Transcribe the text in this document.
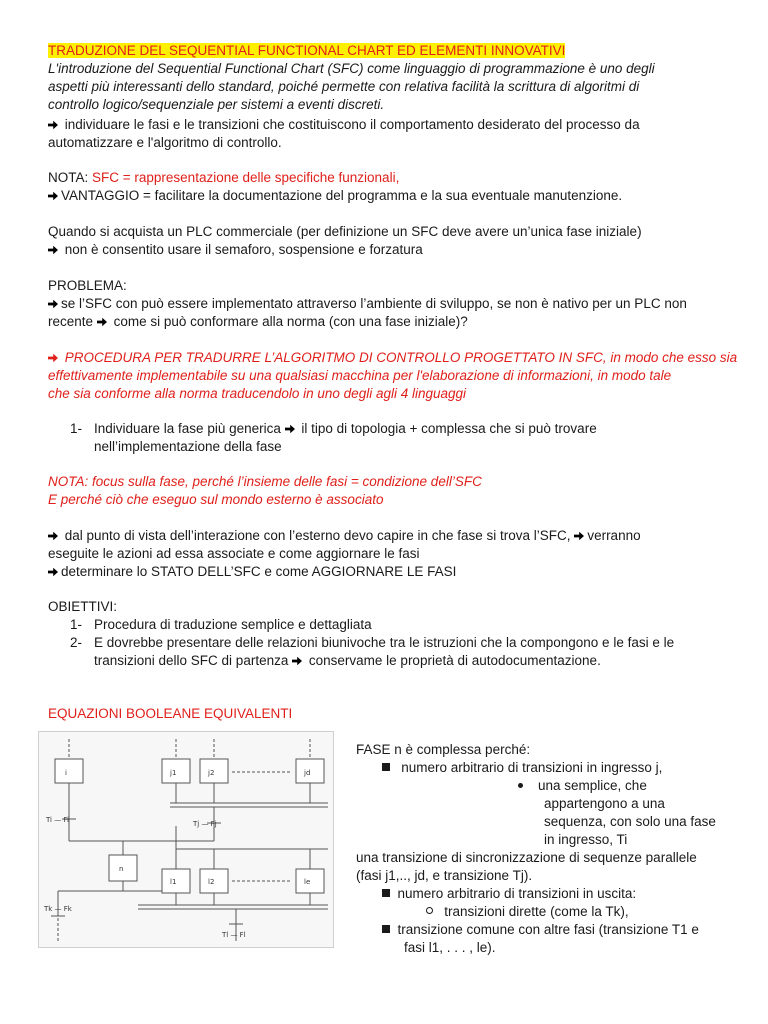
TRADUZIONE DEL SEQUENTIAL FUNCTIONAL CHART ED ELEMENTI INNOVATIVI
L'introduzione del Sequential Functional Chart (SFC) come linguaggio di programmazione è uno degli
aspetti più interessanti dello standard, poiché permette con relativa facilità la scrittura di algoritmi di
controllo logico/sequenziale per sistemi a eventi discreti.
individuare le fasi e le transizioni che costituiscono il comportamento desiderato del processo da
automatizzare e l'algoritmo di controllo.
NOTA: SFC = rappresentazione delle specifiche funzionali,
VANTAGGIO = facilitare la documentazione del programma e la sua eventuale manutenzione.
Quando si acquista un PLC commerciale (per definizione un SFC deve avere un’unica fase iniziale)
non è consentito usare il semaforo, sospensione e forzatura
PROBLEMA:
se l’SFC con può essere implementato attraverso l’ambiente di sviluppo, se non è nativo per un PLC non
recente come si può conformare alla norma (con una fase iniziale)?
PROCEDURA PER TRADURRE L’ALGORITMO DI CONTROLLO PROGETTATO IN SFC, in modo che esso sia
effettivamente implementabile su una qualsiasi macchina per l'elaborazione di informazioni, in modo tale
che sia conforme alla norma traducendolo in uno degli agli 4 linguaggi
1- Individuare la fase più generica il tipo di topologia + complessa che si può trovare
nell’implementazione della fase
NOTA: focus sulla fase, perché l’insieme delle fasi = condizione dell’SFC
E perché ciò che eseguo sul mondo esterno è associato
dal punto di vista dell’interazione con l’esterno devo capire in che fase si trova l’SFC, verranno
eseguite le azioni ad essa associate e come aggiornare le fasi
determinare lo STATO DELL’SFC e come AGGIORNARE LE FASI
OBIETTIVI:
1- Procedura di traduzione semplice e dettagliata
2- E dovrebbe presentare delle relazioni biunivoche tra le istruzioni che la compongono e le fasi e le
transizioni dello SFC di partenza conservame le proprietà di autodocumentazione.
EQUAZIONI BOOLEANE EQUIVALENTI
i	j1	j2	jd
n
l1	l2	le
Ti — Fi	Tj — Fj
Tk — Fk
Tl — Fl
FASE n è complessa perché:
numero arbitrario di transizioni in ingresso j,
una semplice, che
appartengono a una
sequenza, con solo una fase
in ingresso, Ti
una transizione di sincronizzazione di sequenze parallele
(fasi j1,.., jd, e transizione Tj).
numero arbitrario di transizioni in uscita:
transizioni dirette (come la Tk),
transizione comune con altre fasi (transizione T1 e
fasi l1, . . . , le).
